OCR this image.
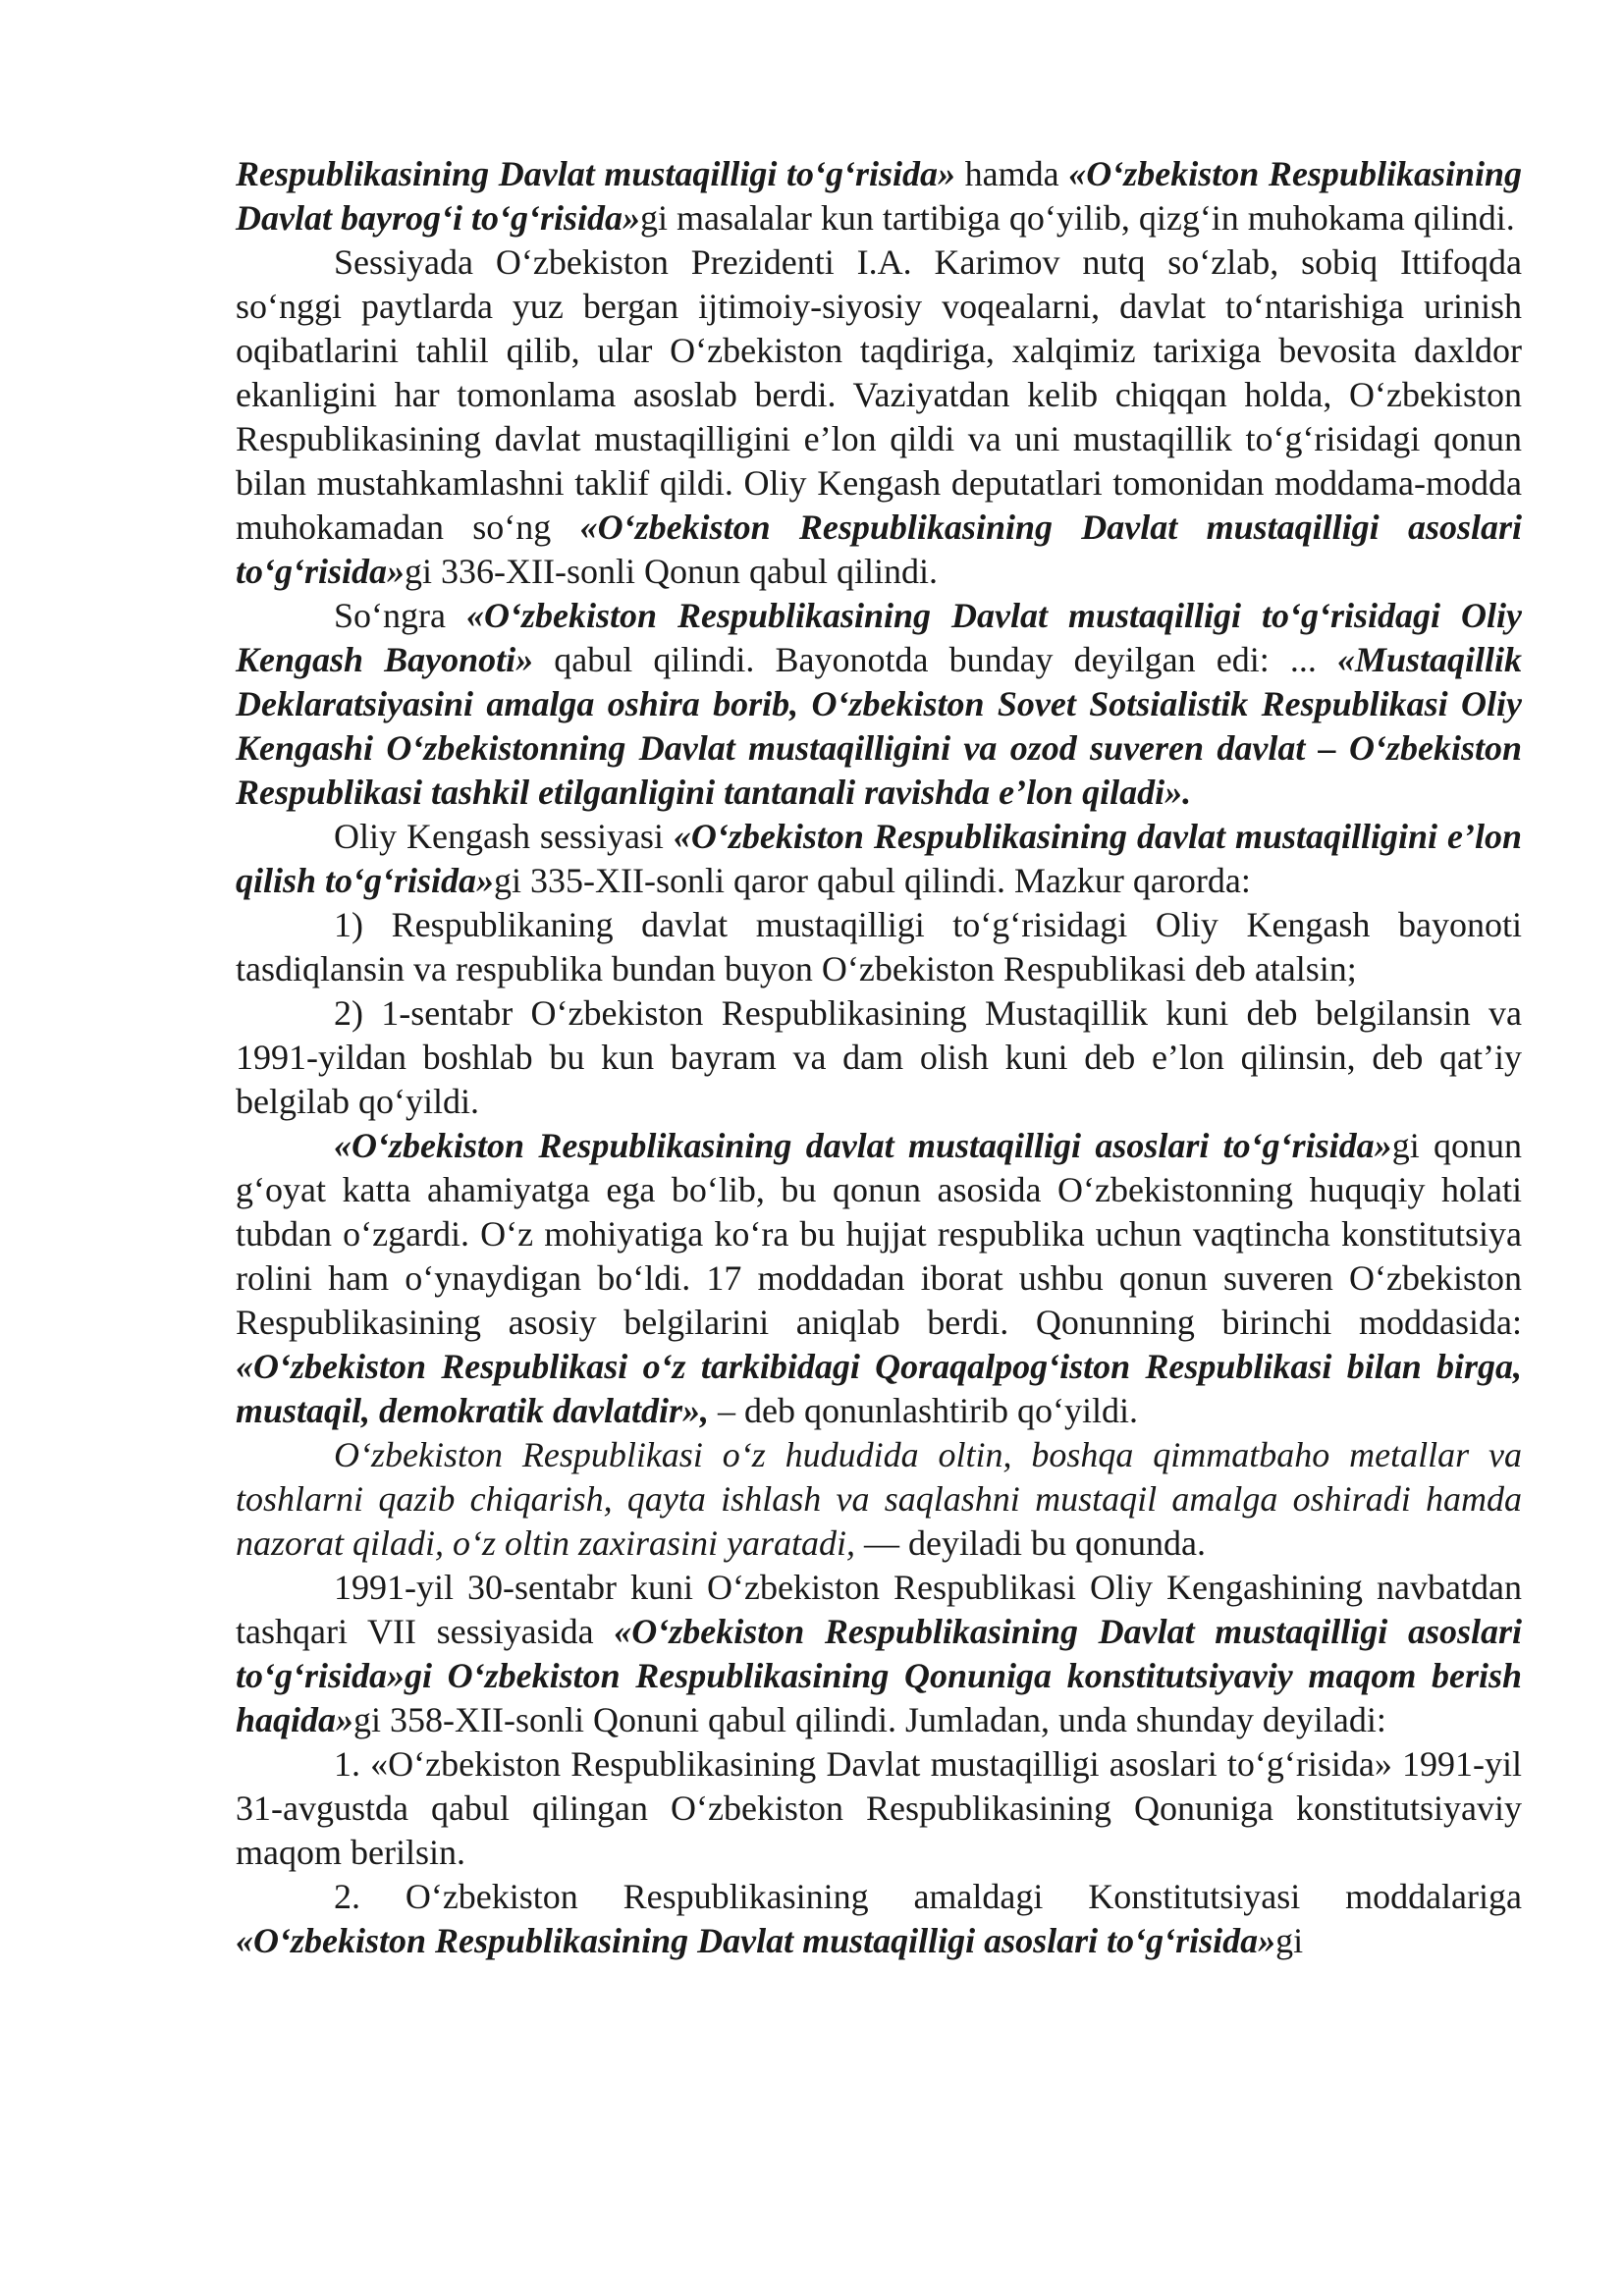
Respublikasining Davlat mustaqilligi to‘g‘risida» hamda «O‘zbekiston Respublikasining Davlat bayrog‘i to‘g‘risida»gi masalalar kun tartibiga qo‘yilib, qizg‘in muhokama qilindi.

Sessiyada O‘zbekiston Prezidenti I.A. Karimov nutq so‘zlab, sobiq Ittifoqda so‘nggi paytlarda yuz bergan ijtimoiy-siyosiy voqealarni, davlat to‘ntarishiga urinish oqibatlarini tahlil qilib, ular O‘zbekiston taqdiriga, xalqimiz tarixiga bevosita daxldor ekanligini har tomonlama asoslab berdi. Vaziyatdan kelib chiqqan holda, O‘zbekiston Respublikasining davlat mustaqilligini e’lon qildi va uni mustaqillik to‘g‘risidagi qonun bilan mustahkamlashni taklif qildi. Oliy Kengash deputatlari tomonidan moddama-modda muhokamadan so‘ng «O‘zbekiston Respublikasining Davlat mustaqilligi asoslari to‘g‘risida»gi 336-XII-sonli Qonun qabul qilindi.

So‘ngra «O‘zbekiston Respublikasining Davlat mustaqilligi to‘g‘risidagi Oliy Kengash Bayonoti» qabul qilindi. Bayonotda bunday deyilgan edi: ... «Mustaqillik Deklaratsiyasini amalga oshira borib, O‘zbekiston Sovet Sotsialistik Respublikasi Oliy Kengashi O‘zbekistonning Davlat mustaqilligini va ozod suveren davlat – O‘zbekiston Respublikasi tashkil etilganligini tantanali ravishda e’lon qiladi».

Oliy Kengash sessiyasi «O‘zbekiston Respublikasining davlat mustaqilligini e’lon qilish to‘g‘risida»gi 335-XII-sonli qaror qabul qilindi. Mazkur qarorda:

1) Respublikaning davlat mustaqilligi to‘g‘risidagi Oliy Kengash bayonoti tasdiqlansin va respublika bundan buyon O‘zbekiston Respublikasi deb atalsin;

2) 1-sentabr O‘zbekiston Respublikasining Mustaqillik kuni deb belgilansin va 1991-yildan boshlab bu kun bayram va dam olish kuni deb e’lon qilinsin, deb qat’iy belgilab qo‘yildi.

«O‘zbekiston Respublikasining davlat mustaqilligi asoslari to‘g‘risida»gi qonun g‘oyat katta ahamiyatga ega bo‘lib, bu qonun asosida O‘zbekistonning huquqiy holati tubdan o‘zgardi. O‘z mohiyatiga ko‘ra bu hujjat respublika uchun vaqtincha konstitutsiya rolini ham o‘ynaydigan bo‘ldi. 17 moddadan iborat ushbu qonun suveren O‘zbekiston Respublikasining asosiy belgilarini aniqlab berdi. Qonunning birinchi moddasida: «O‘zbekiston Respublikasi o‘z tarkibidagi Qoraqalpog‘iston Respublikasi bilan birga, mustaqil, demokratik davlatdir», – deb qonunlashtirib qo‘yildi.

O‘zbekiston Respublikasi o‘z hududida oltin, boshqa qimmatbaho metallar va toshlarni qazib chiqarish, qayta ishlash va saqlashni mustaqil amalga oshiradi hamda nazorat qiladi, o‘z oltin zaxirasini yaratadi, — deyiladi bu qonunda.

1991-yil 30-sentabr kuni O‘zbekiston Respublikasi Oliy Kengashining navbatdan tashqari VII sessiyasida «O‘zbekiston Respublikasining Davlat mustaqilligi asoslari to‘g‘risida»gi O‘zbekiston Respublikasining Qonuniga konstitutsiyaviy maqom berish haqida»gi 358-XII-sonli Qonuni qabul qilindi. Jumladan, unda shunday deyiladi:

1. «O‘zbekiston Respublikasining Davlat mustaqilligi asoslari to‘g‘risida» 1991-yil 31-avgustda qabul qilingan O‘zbekiston Respublikasining Qonuniga konstitutsiyaviy maqom berilsin.

2. O‘zbekiston Respublikasining amaldagi Konstitutsiyasi moddalariga «O‘zbekiston Respublikasining Davlat mustaqilligi asoslari to‘g‘risida»gi
